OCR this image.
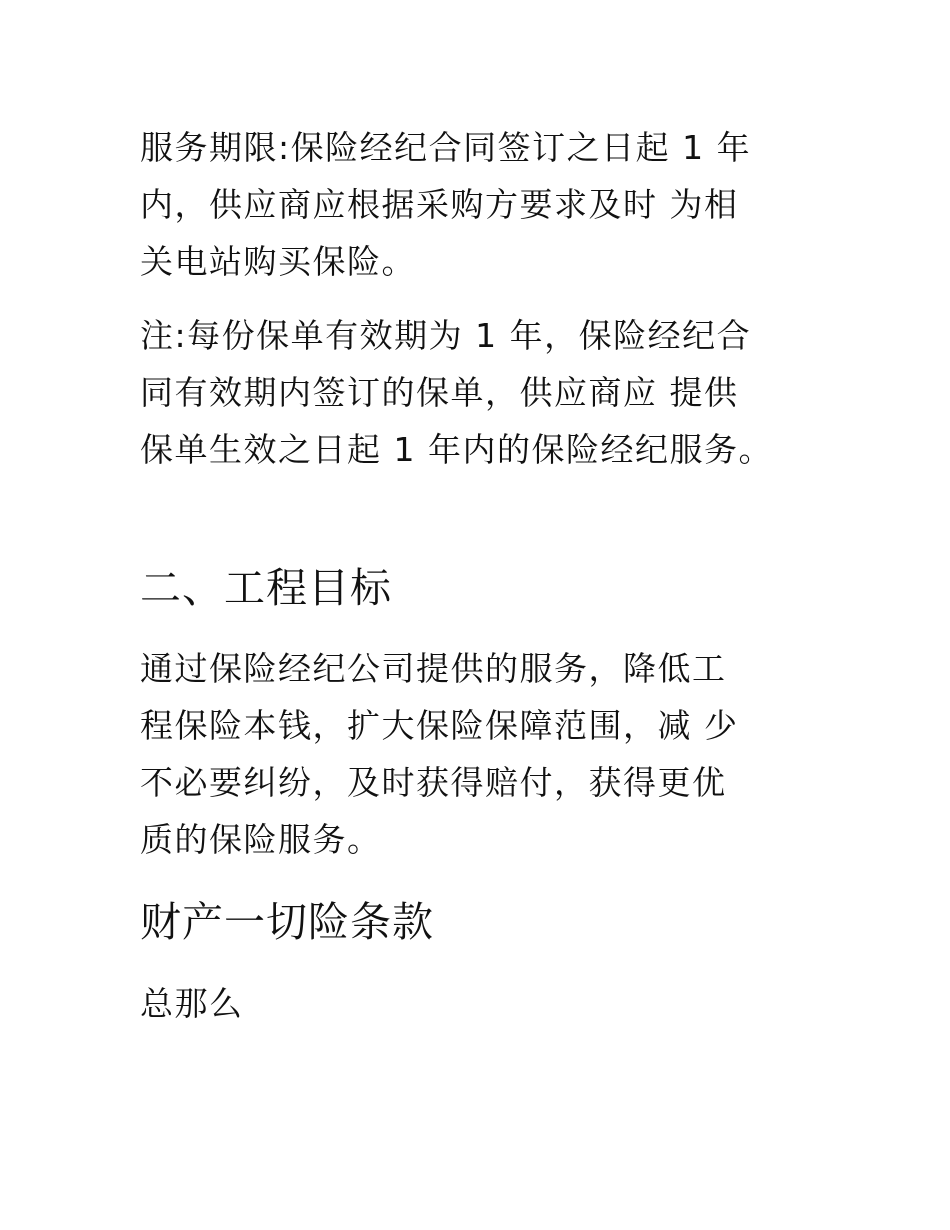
服务期限:保险经纪合同签订之日起 1 年
内，供应商应根据采购方要求及时 为相
关电站购买保险。
注:每份保单有效期为 1 年，保险经纪合
同有效期内签订的保单，供应商应 提供
保单生效之日起 1 年内的保险经纪服务。
二、工程目标
通过保险经纪公司提供的服务，降低工
程保险本钱，扩大保险保障范围，减 少
不必要纠纷，及时获得赔付，获得更优
质的保险服务。
财产一切险条款
总那么
